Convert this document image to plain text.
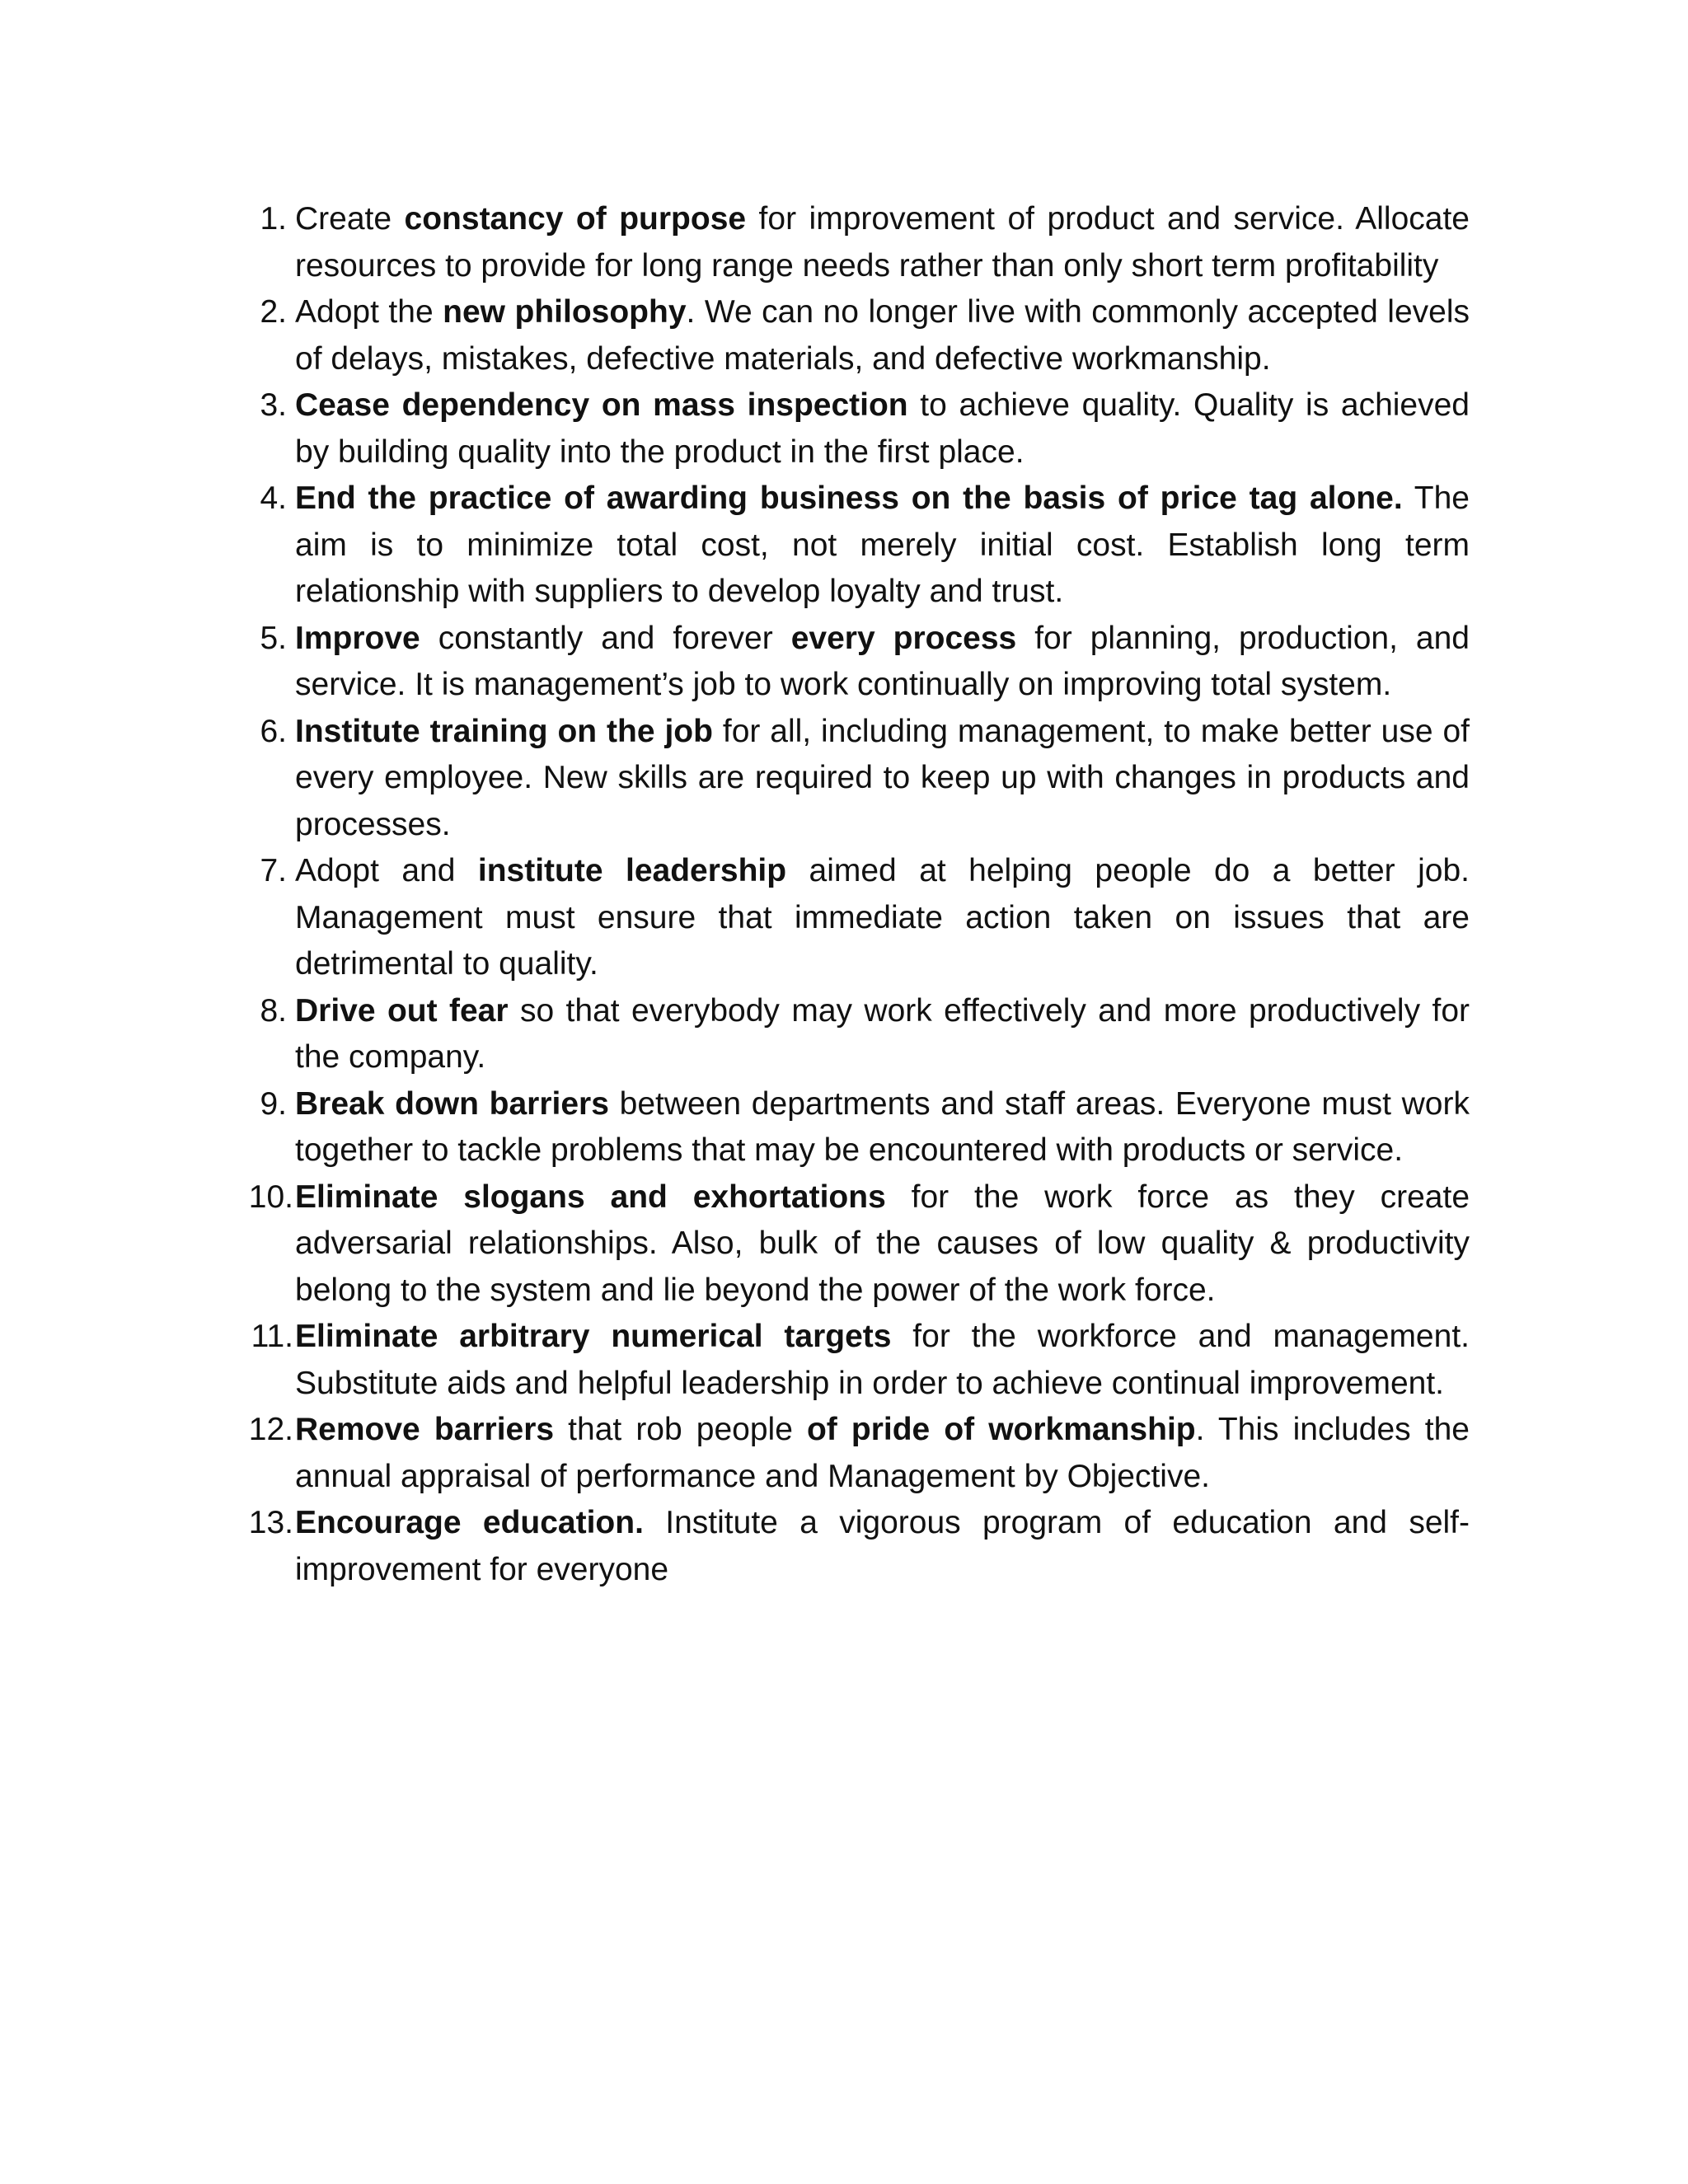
1. Create constancy of purpose for improvement of product and service. Allocate resources to provide for long range needs rather than only short term profitability
2. Adopt the new philosophy. We can no longer live with commonly accepted levels of delays, mistakes, defective materials, and defective workmanship.
3. Cease dependency on mass inspection to achieve quality. Quality is achieved by building quality into the product in the first place.
4. End the practice of awarding business on the basis of price tag alone. The aim is to minimize total cost, not merely initial cost. Establish long term relationship with suppliers to develop loyalty and trust.
5. Improve constantly and forever every process for planning, production, and service. It is management’s job to work continually on improving total system.
6. Institute training on the job for all, including management, to make better use of every employee. New skills are required to keep up with changes in products and processes.
7. Adopt and institute leadership aimed at helping people do a better job. Management must ensure that immediate action taken on issues that are detrimental to quality.
8. Drive out fear so that everybody may work effectively and more productively for the company.
9. Break down barriers between departments and staff areas. Everyone must work together to tackle problems that may be encountered with products or service.
10. Eliminate slogans and exhortations for the work force as they create adversarial relationships. Also, bulk of the causes of low quality & productivity belong to the system and lie beyond the power of the work force.
11. Eliminate arbitrary numerical targets for the workforce and management. Substitute aids and helpful leadership in order to achieve continual improvement.
12. Remove barriers that rob people of pride of workmanship. This includes the annual appraisal of performance and Management by Objective.
13. Encourage education. Institute a vigorous program of education and self-improvement for everyone
